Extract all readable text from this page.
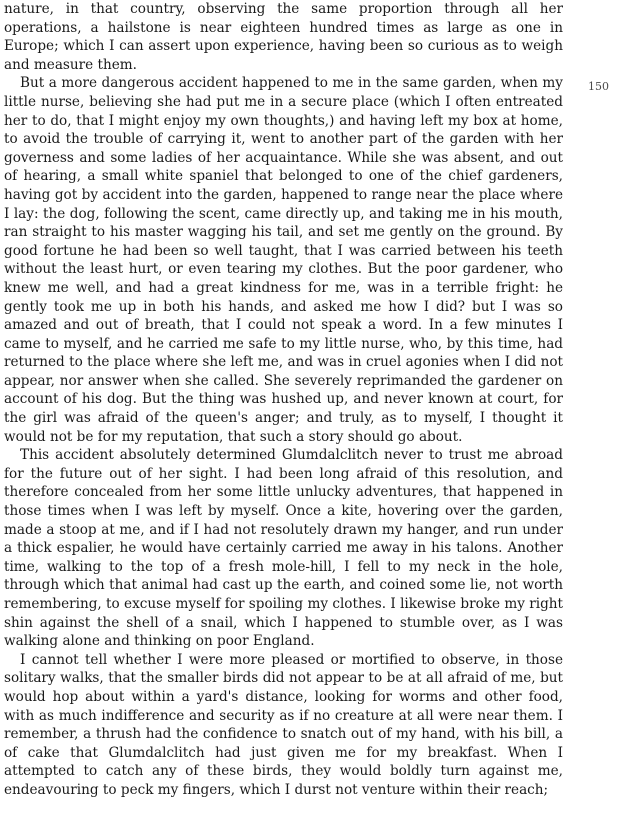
nature, in that country, observing the same proportion through all her operations, a hailstone is near eighteen hundred times as large as one in Europe; which I can assert upon experience, having been so curious as to weigh and measure them.

But a more dangerous accident happened to me in the same garden, when my little nurse, believing she had put me in a secure place (which I often entreated her to do, that I might enjoy my own thoughts,) and having left my box at home, to avoid the trouble of carrying it, went to another part of the garden with her governess and some ladies of her acquaintance. While she was absent, and out of hearing, a small white spaniel that belonged to one of the chief gardeners, having got by accident into the garden, happened to range near the place where I lay: the dog, following the scent, came directly up, and taking me in his mouth, ran straight to his master wagging his tail, and set me gently on the ground. By good fortune he had been so well taught, that I was carried between his teeth without the least hurt, or even tearing my clothes. But the poor gardener, who knew me well, and had a great kindness for me, was in a terrible fright: he gently took me up in both his hands, and asked me how I did? but I was so amazed and out of breath, that I could not speak a word. In a few minutes I came to myself, and he carried me safe to my little nurse, who, by this time, had returned to the place where she left me, and was in cruel agonies when I did not appear, nor answer when she called. She severely reprimanded the gardener on account of his dog. But the thing was hushed up, and never known at court, for the girl was afraid of the queen's anger; and truly, as to myself, I thought it would not be for my reputation, that such a story should go about.

This accident absolutely determined Glumdalclitch never to trust me abroad for the future out of her sight. I had been long afraid of this resolution, and therefore concealed from her some little unlucky adventures, that happened in those times when I was left by myself. Once a kite, hovering over the garden, made a stoop at me, and if I had not resolutely drawn my hanger, and run under a thick espalier, he would have certainly carried me away in his talons. Another time, walking to the top of a fresh mole-hill, I fell to my neck in the hole, through which that animal had cast up the earth, and coined some lie, not worth remembering, to excuse myself for spoiling my clothes. I likewise broke my right shin against the shell of a snail, which I happened to stumble over, as I was walking alone and thinking on poor England.

I cannot tell whether I were more pleased or mortified to observe, in those solitary walks, that the smaller birds did not appear to be at all afraid of me, but would hop about within a yard's distance, looking for worms and other food, with as much indifference and security as if no creature at all were near them. I remember, a thrush had the confidence to snatch out of my hand, with his bill, a of cake that Glumdalclitch had just given me for my breakfast. When I attempted to catch any of these birds, they would boldly turn against me, endeavouring to peck my fingers, which I durst not venture within their reach;

150
